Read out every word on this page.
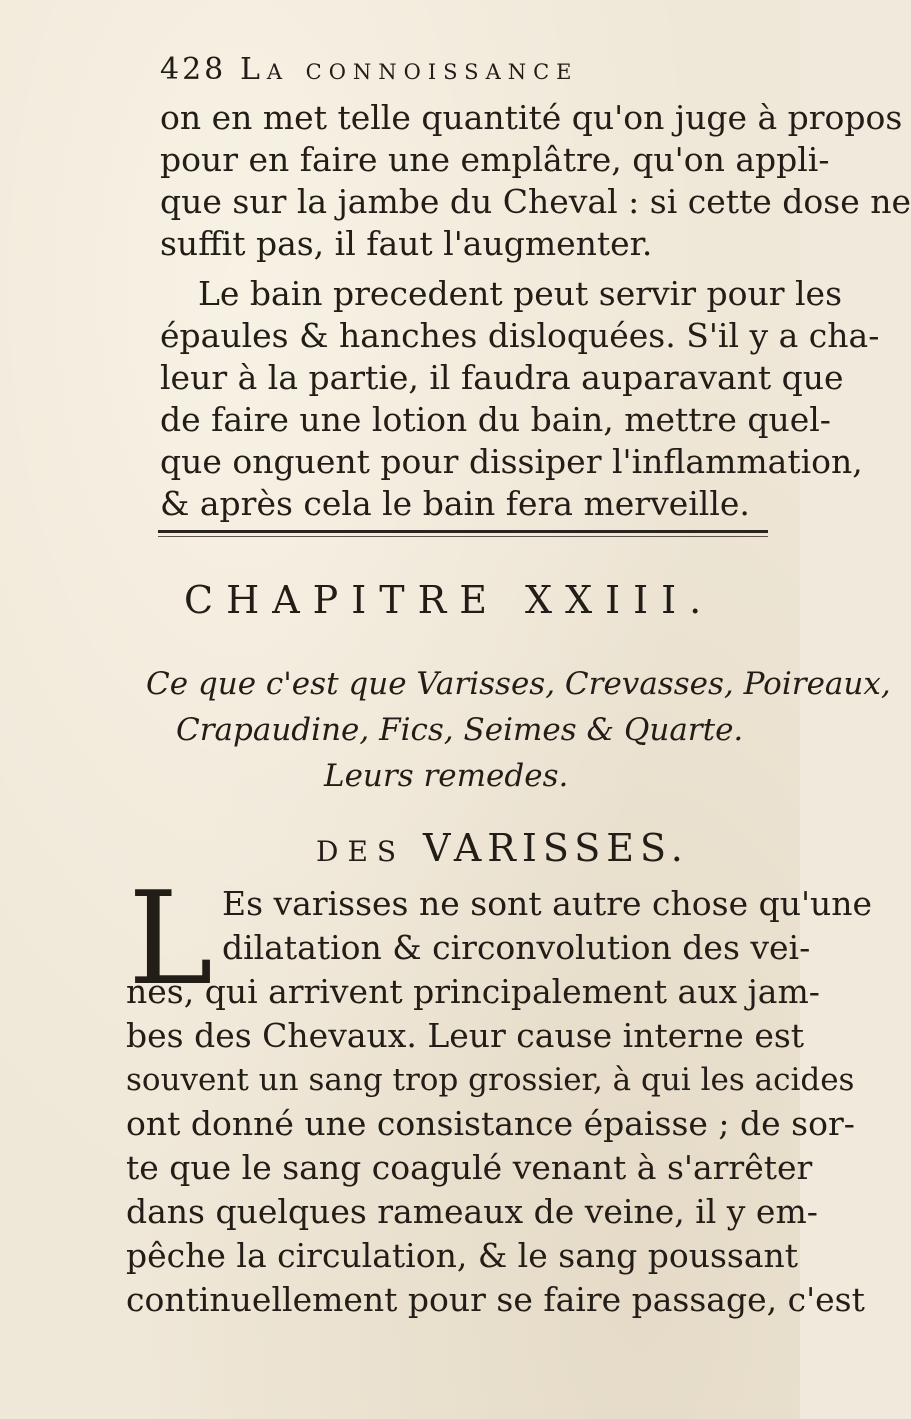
428 La connoissance
on en met telle quantité qu'on juge à propos
pour en faire une emplâtre, qu'on appli-
que sur la jambe du Cheval : si cette dose ne
suffit pas, il faut l'augmenter.
Le bain precedent peut servir pour les
épaules & hanches disloquées. S'il y a cha-
leur à la partie, il faudra auparavant que
de faire une lotion du bain, mettre quel-
que onguent pour dissiper l'inflammation,
& après cela le bain fera merveille.
CHAPITRE XXIII.
Ce que c'est que Varisses, Crevasses, Poireaux,
Crapaudine, Fics, Seimes & Quarte.
Leurs remedes.
DES VARISSES.
L Es varisses ne sont autre chose qu'une
dilatation & circonvolution des vei-
nes, qui arrivent principalement aux jam-
bes des Chevaux. Leur cause interne est
souvent un sang trop grossier, à qui les acides
ont donné une consistance épaisse ; de sor-
te que le sang coagulé venant à s'arrêter
dans quelques rameaux de veine, il y em-
pêche la circulation, & le sang poussant
continuellement pour se faire passage, c'est
